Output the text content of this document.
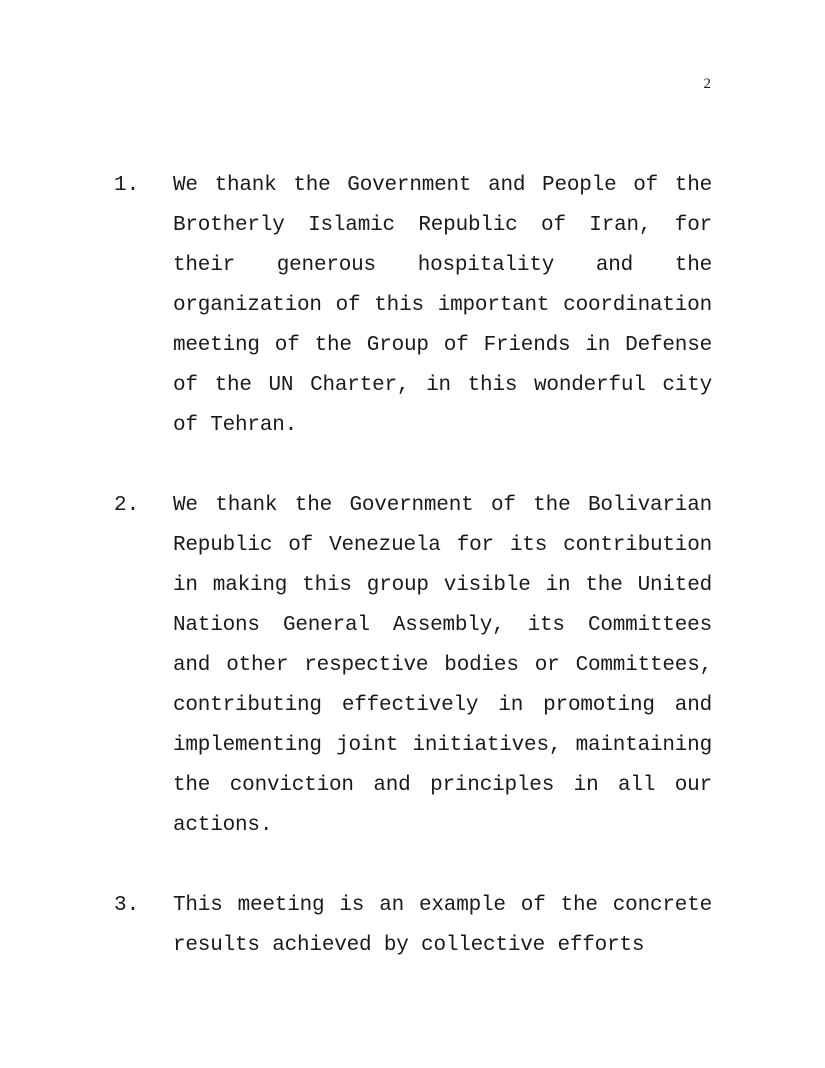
2
1.	We thank the Government and People of the Brotherly Islamic Republic of Iran, for their generous hospitality and the organization of this important coordination meeting of the Group of Friends in Defense of the UN Charter, in this wonderful city of Tehran.
2.	We thank the Government of the Bolivarian Republic of Venezuela for its contribution in making this group visible in the United Nations General Assembly, its Committees and other respective bodies or Committees, contributing effectively in promoting and implementing joint initiatives, maintaining the conviction and principles in all our actions.
3.	This meeting is an example of the concrete results achieved by collective efforts
